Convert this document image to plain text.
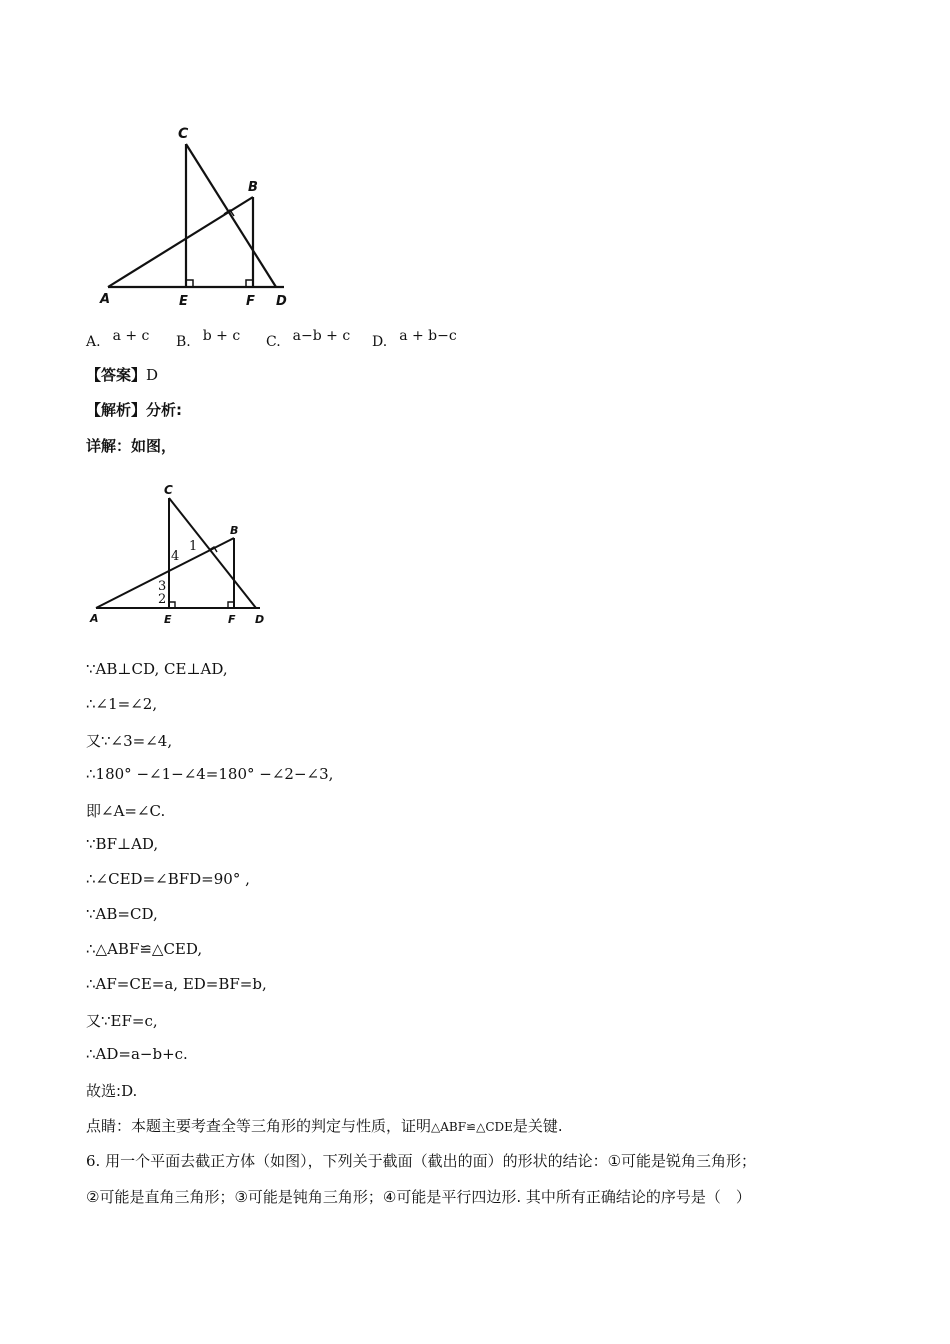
C
B
A	E	F D
A. a + c B. b + c C. a−b + c D. a + b−c
【答案】D
【解析】分析:
详解：如图，
C
B
A	E	F D
1
4
3
2
∵AB⊥CD, CE⊥AD,
∴∠1=∠2,
又∵∠3=∠4,
∴180° −∠1−∠4=180° −∠2−∠3,
即∠A=∠C.
∵BF⊥AD,
∴∠CED=∠BFD=90° ,
∵AB=CD,
∴△ABF≌△CED,
∴AF=CE=a, ED=BF=b,
又∵EF=c,
∴AD=a−b+c.
故选:D.
点睛：本题主要考查全等三角形的判定与性质，证明△ABF≌△CDE是关键.
6. 用一个平面去截正方体（如图），下列关于截面（截出的面）的形状的结论：①可能是锐角三角形；
②可能是直角三角形；③可能是钝角三角形；④可能是平行四边形. 其中所有正确结论的序号是（　）
